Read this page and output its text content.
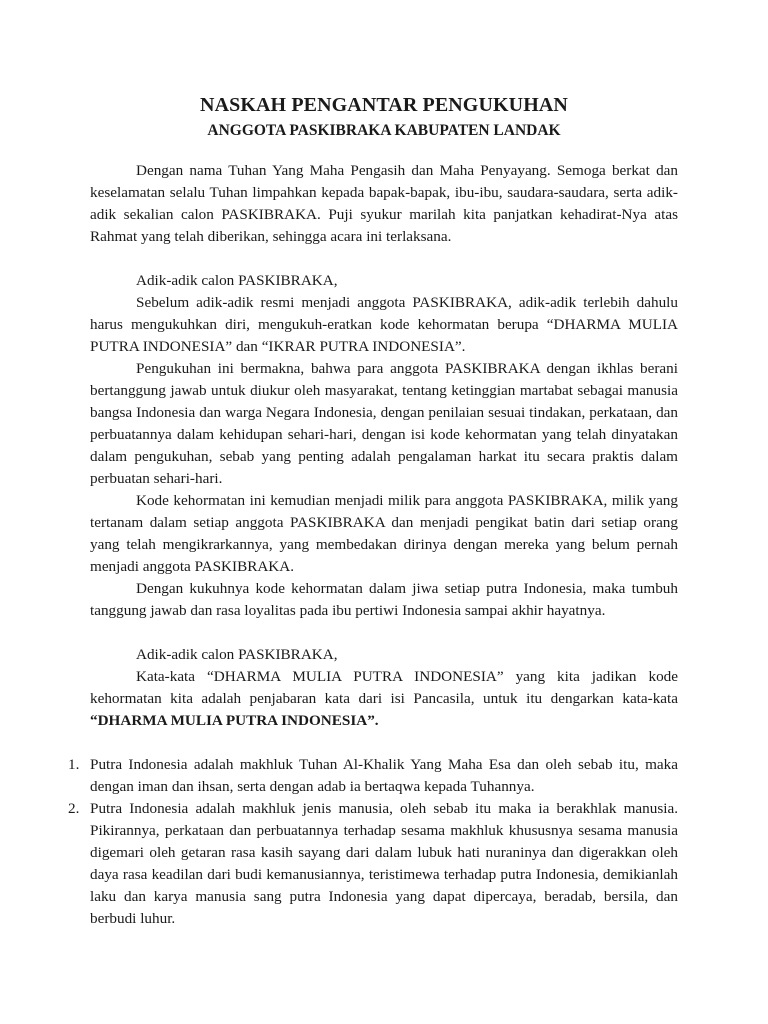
NASKAH PENGANTAR PENGUKUHAN
ANGGOTA PASKIBRAKA KABUPATEN LANDAK

Dengan nama Tuhan Yang Maha Pengasih dan Maha Penyayang. Semoga berkat dan keselamatan selalu Tuhan limpahkan kepada bapak-bapak, ibu-ibu, saudara-saudara, serta adik-adik sekalian calon PASKIBRAKA. Puji syukur marilah kita panjatkan kehadirat-Nya atas Rahmat yang telah diberikan, sehingga acara ini terlaksana.

Adik-adik calon PASKIBRAKA,

Sebelum adik-adik resmi menjadi anggota PASKIBRAKA, adik-adik terlebih dahulu harus mengukuhkan diri, mengukuh-eratkan kode kehormatan berupa “DHARMA MULIA PUTRA INDONESIA” dan “IKRAR PUTRA INDONESIA”.

Pengukuhan ini bermakna, bahwa para anggota PASKIBRAKA dengan ikhlas berani bertanggung jawab untuk diukur oleh masyarakat, tentang ketinggian martabat sebagai manusia bangsa Indonesia dan warga Negara Indonesia, dengan penilaian sesuai tindakan, perkataan, dan perbuatannya dalam kehidupan sehari-hari, dengan isi kode kehormatan yang telah dinyatakan dalam pengukuhan, sebab yang penting adalah pengalaman harkat itu secara praktis dalam perbuatan sehari-hari.

Kode kehormatan ini kemudian menjadi milik para anggota PASKIBRAKA, milik yang tertanam dalam setiap anggota PASKIBRAKA dan menjadi pengikat batin dari setiap orang yang telah mengikrarkannya, yang membedakan dirinya dengan mereka yang belum pernah menjadi anggota PASKIBRAKA.

Dengan kukuhnya kode kehormatan dalam jiwa setiap putra Indonesia, maka tumbuh tanggung jawab dan rasa loyalitas pada ibu pertiwi Indonesia sampai akhir hayatnya.

Adik-adik calon PASKIBRAKA,

Kata-kata “DHARMA MULIA PUTRA INDONESIA” yang kita jadikan kode kehormatan kita adalah penjabaran kata dari isi Pancasila, untuk itu dengarkan kata-kata “DHARMA MULIA PUTRA INDONESIA”.

1. Putra Indonesia adalah makhluk Tuhan Al-Khalik Yang Maha Esa dan oleh sebab itu, maka dengan iman dan ihsan, serta dengan adab ia bertaqwa kepada Tuhannya.
2. Putra Indonesia adalah makhluk jenis manusia, oleh sebab itu maka ia berakhlak manusia. Pikirannya, perkataan dan perbuatannya terhadap sesama makhluk khususnya sesama manusia digemari oleh getaran rasa kasih sayang dari dalam lubuk hati nuraninya dan digerakkan oleh daya rasa keadilan dari budi kemanusiannya, teristimewa terhadap putra Indonesia, demikianlah laku dan karya manusia sang putra Indonesia yang dapat dipercaya, beradab, bersila, dan berbudi luhur.
